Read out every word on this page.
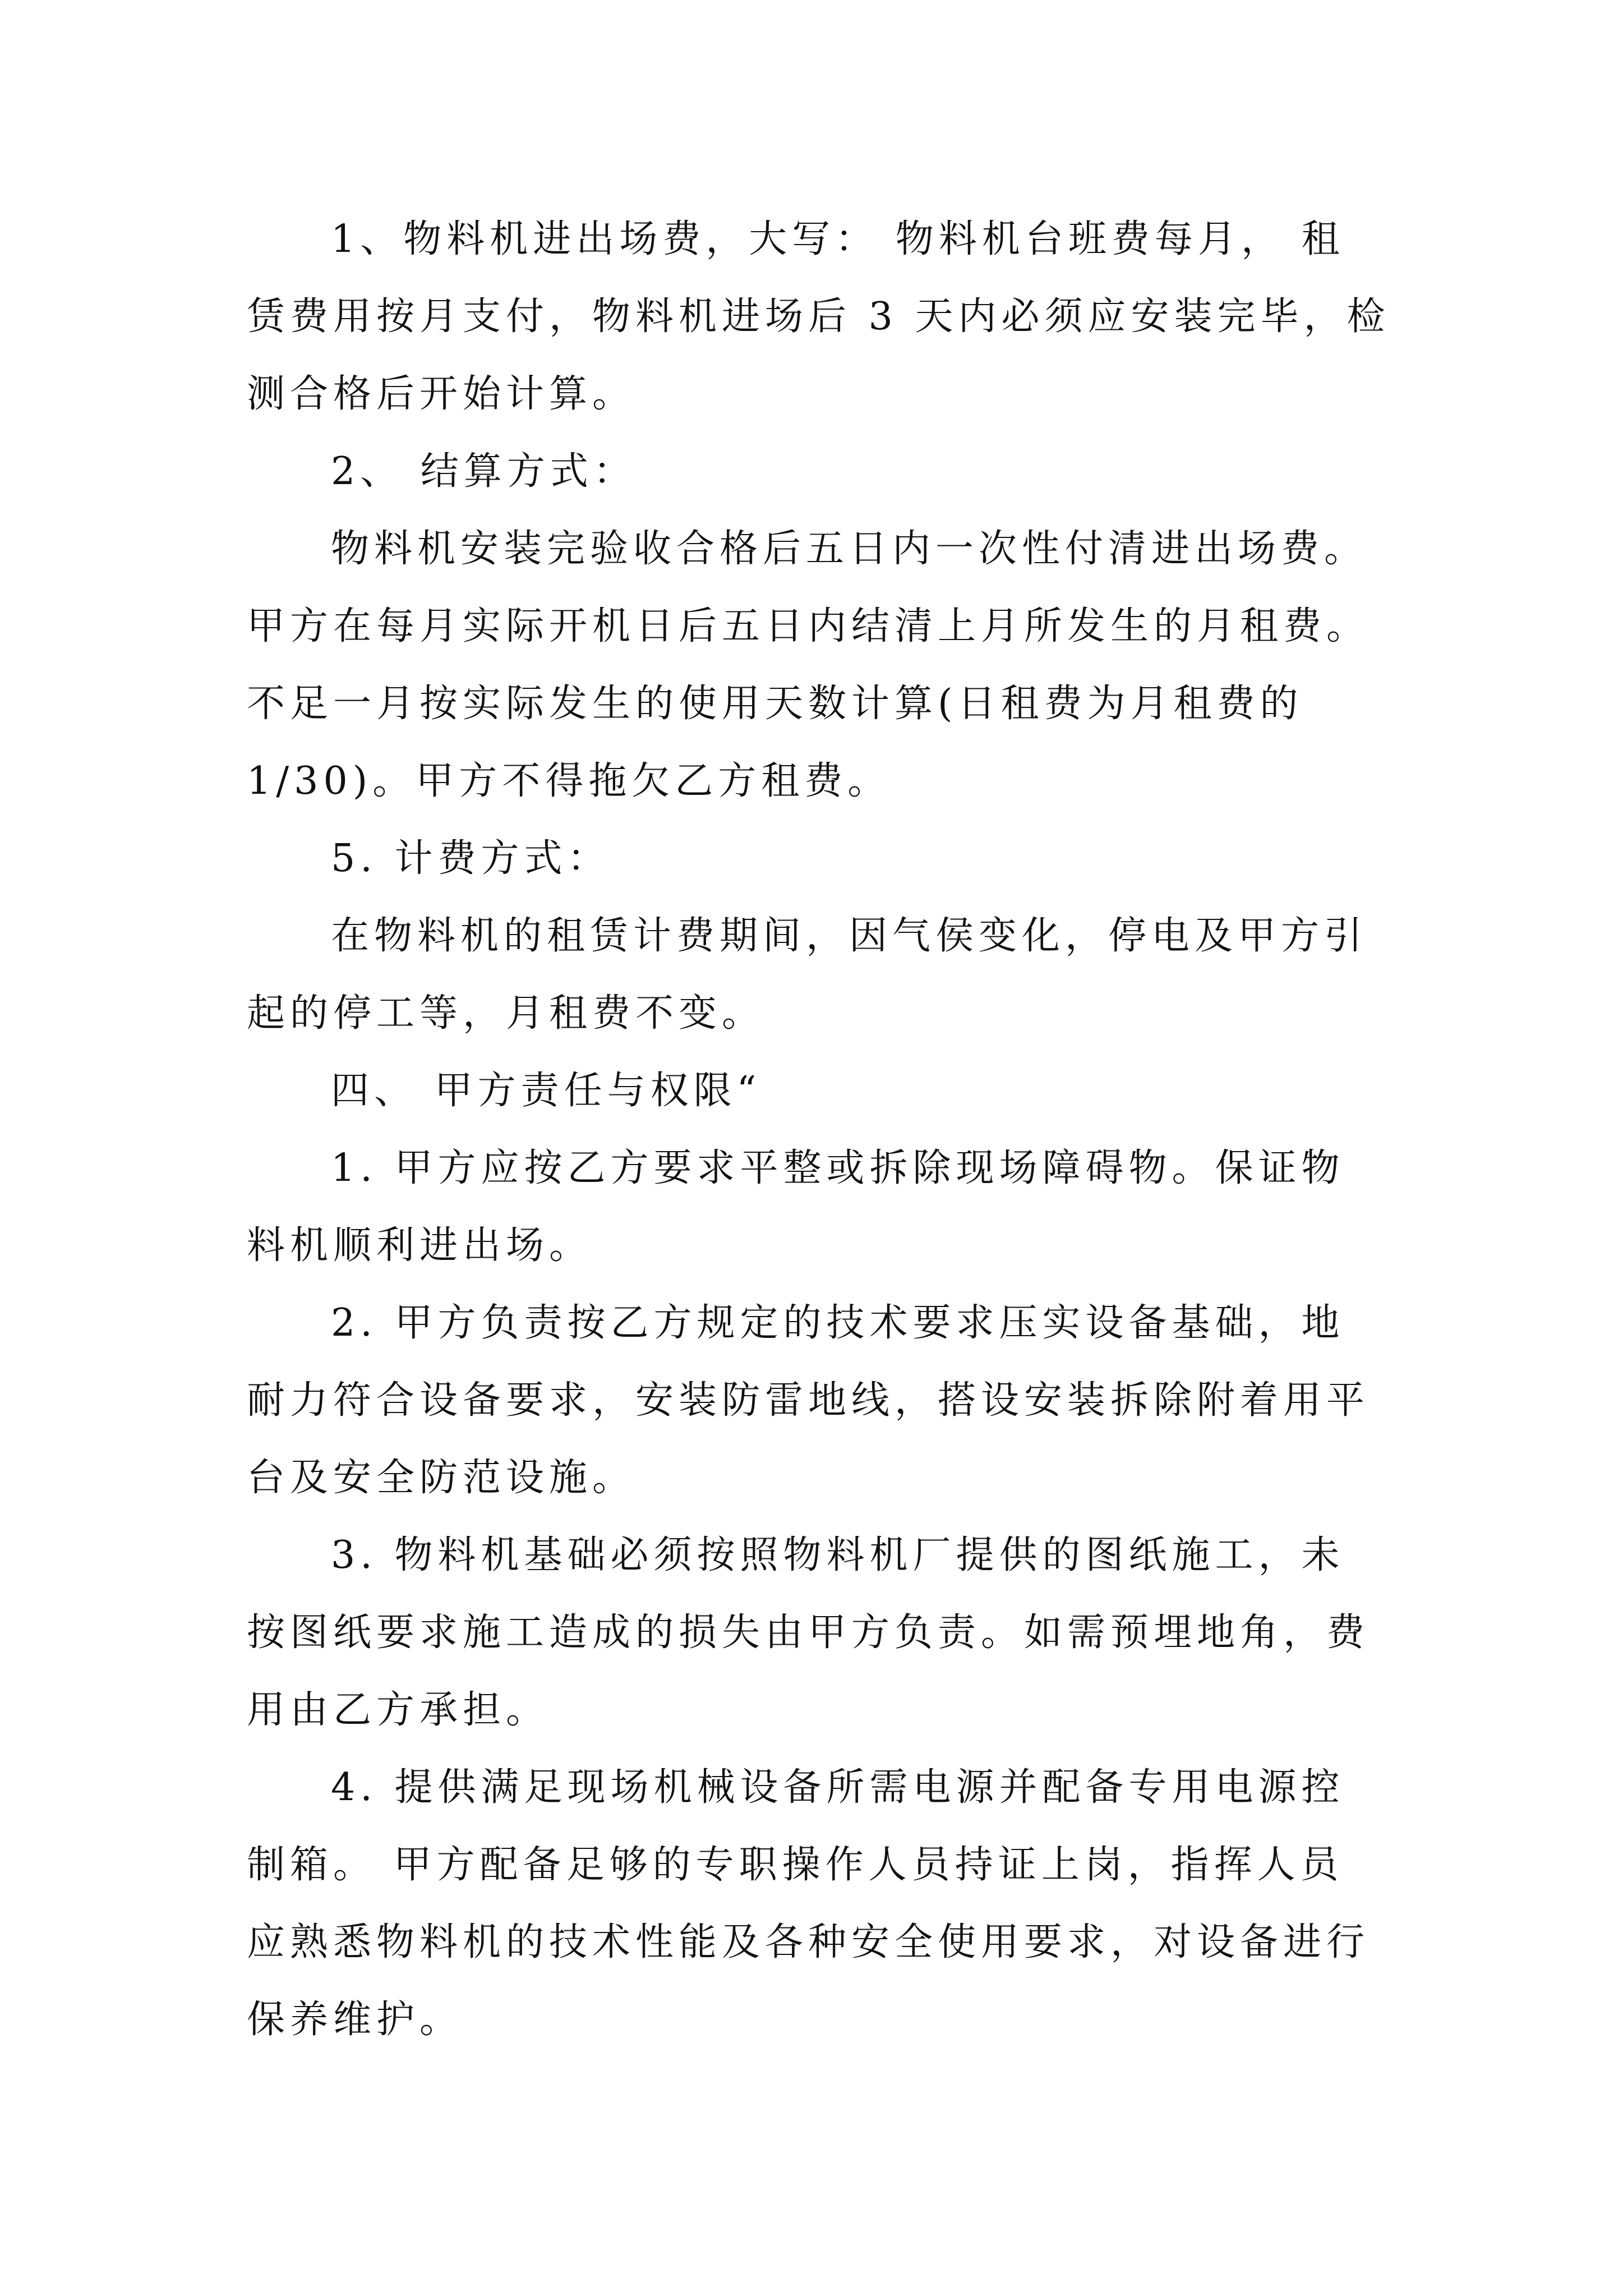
1、物料机进出场费，大写： 物料机台班费每月， 租
赁费用按月支付，物料机进场后 3 天内必须应安装完毕，检
测合格后开始计算。
2、 结算方式：
物料机安装完验收合格后五日内一次性付清进出场费。
甲方在每月实际开机日后五日内结清上月所发生的月租费。
不足一月按实际发生的使用天数计算(日租费为月租费的
1/30)。甲方不得拖欠乙方租费。
5. 计费方式：
在物料机的租赁计费期间，因气侯变化，停电及甲方引
起的停工等，月租费不变。
四、 甲方责任与权限“
1. 甲方应按乙方要求平整或拆除现场障碍物。保证物
料机顺利进出场。
2. 甲方负责按乙方规定的技术要求压实设备基础，地
耐力符合设备要求，安装防雷地线，搭设安装拆除附着用平
台及安全防范设施。
3. 物料机基础必须按照物料机厂提供的图纸施工，未
按图纸要求施工造成的损失由甲方负责。如需预埋地角，费
用由乙方承担。
4. 提供满足现场机械设备所需电源并配备专用电源控
制箱。 甲方配备足够的专职操作人员持证上岗，指挥人员
应熟悉物料机的技术性能及各种安全使用要求，对设备进行
保养维护。
